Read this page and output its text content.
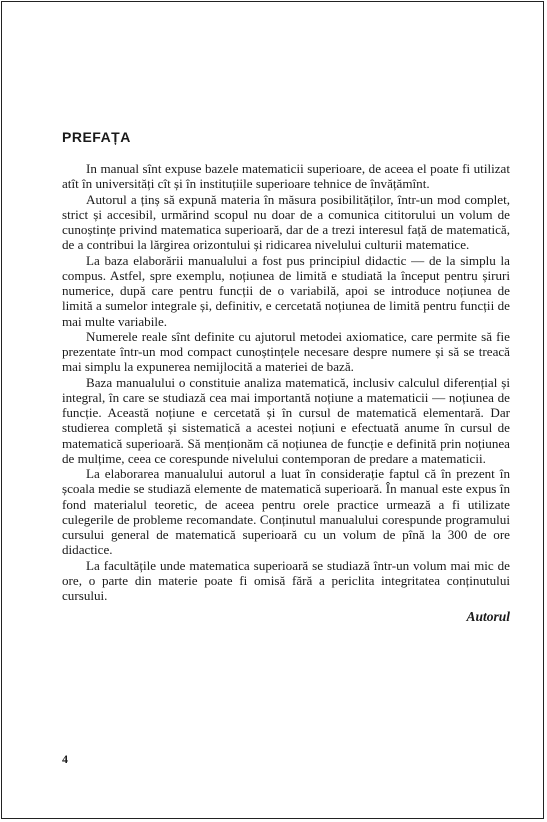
PREFAȚA

In manual sînt expuse bazele matematicii superioare, de aceea el poate fi utilizat atît în universități cît și în instituțiile superioare tehnice de învățămînt.

Autorul a ținș să expună materia în măsura posibilităților, într-un mod complet, strict și accesibil, urmărind scopul nu doar de a comunica cititorului un volum de cunoștințe privind matematica superioară, dar de a trezi interesul față de matematică, de a contribui la lărgirea orizontului și ridicarea nivelului culturii matematice.

La baza elaborării manualului a fost pus principiul didactic — de la simplu la compus. Astfel, spre exemplu, noțiunea de limită e studiată la început pentru șiruri numerice, după care pentru funcții de o variabilă, apoi se introduce noțiunea de limită a sumelor integrale și, definitiv, e cercetată noțiunea de limită pentru funcții de mai multe variabile.

Numerele reale sînt definite cu ajutorul metodei axiomatice, care permite să fie prezentate într-un mod compact cunoștințele necesare despre numere și să se treacă mai simplu la expunerea nemijlocită a materiei de bază.

Baza manualului o constituie analiza matematică, inclusiv calculul diferențial și integral, în care se studiază cea mai importantă noțiune a matematicii — noțiunea de funcție. Această noțiune e cercetată și în cursul de matematică elementară. Dar studierea completă și sistematică a acestei noțiuni e efectuată anume în cursul de matematică superioară. Să menționăm că noțiunea de funcție e definită prin noțiunea de mulțime, ceea ce corespunde nivelului contemporan de predare a matematicii.

La elaborarea manualului autorul a luat în considerație faptul că în prezent în școala medie se studiază elemente de matematică superioară. În manual este expus în fond materialul teoretic, de aceea pentru orele practice urmează a fi utilizate culegerile de probleme recomandate. Conținutul manualului corespunde programului cursului general de matematică superioară cu un volum de pînă la 300 de ore didactice.

La facultățile unde matematica superioară se studiază într-un volum mai mic de ore, o parte din materie poate fi omisă fără a periclita integritatea conținutului cursului.

Autorul
4
